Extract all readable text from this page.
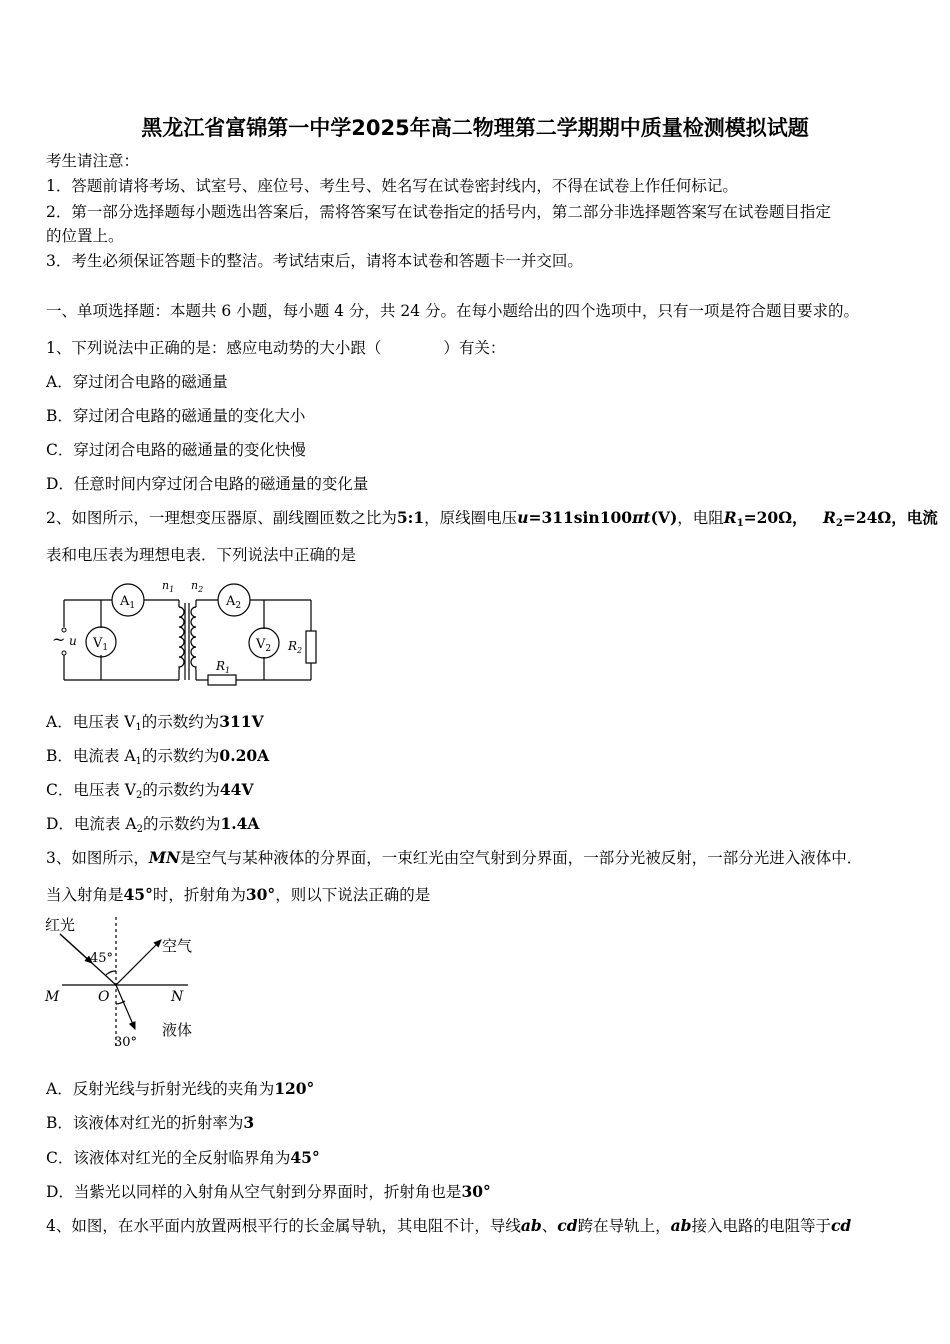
黑龙江省富锦第一中学2025年高二物理第二学期期中质量检测模拟试题
考生请注意：
1．答题前请将考场、试室号、座位号、考生号、姓名写在试卷密封线内，不得在试卷上作任何标记。
2．第一部分选择题每小题选出答案后，需将答案写在试卷指定的括号内，第二部分非选择题答案写在试卷题目指定
的位置上。
3．考生必须保证答题卡的整洁。考试结束后，请将本试卷和答题卡一并交回。
一、单项选择题：本题共 6 小题，每小题 4 分，共 24 分。在每小题给出的四个选项中，只有一项是符合题目要求的。
1、下列说法中正确的是：感应电动势的大小跟（　　　　）有关：
A．穿过闭合电路的磁通量
B．穿过闭合电路的磁通量的变化大小
C．穿过闭合电路的磁通量的变化快慢
D．任意时间内穿过闭合电路的磁通量的变化量
2、如图所示，一理想变压器原、副线圈匝数之比为5:1，原线圈电压u=311sin100πt(V)，电阻$R_1=20\Omega$，  $R_2=24\Omega$，电流
表和电压表为理想电表．下列说法中正确的是
~ u
$A_1$	$A_2$
$V_1$	$V_2$
$n_1$ $n_2$
$R_1$
$R_2$
A．电压表 $V_1$的示数约为311V
B．电流表 $A_1$的示数约为0.20A
C．电压表 $V_2$的示数约为44V
D．电流表 $A_2$的示数约为1.4A
3、如图所示，MN是空气与某种液体的分界面，一束红光由空气射到分界面，一部分光被反射，一部分光进入液体中．
当入射角是45°时，折射角为30°，则以下说法正确的是
红光
空气
液体
45°
30°
M	O	N
A．反射光线与折射光线的夹角为120°
B．该液体对红光的折射率为3
C．该液体对红光的全反射临界角为45°
D．当紫光以同样的入射角从空气射到分界面时，折射角也是30°
4、如图，在水平面内放置两根平行的长金属导轨，其电阻不计，导线ab、cd跨在导轨上，ab接入电路的电阻等于cd
